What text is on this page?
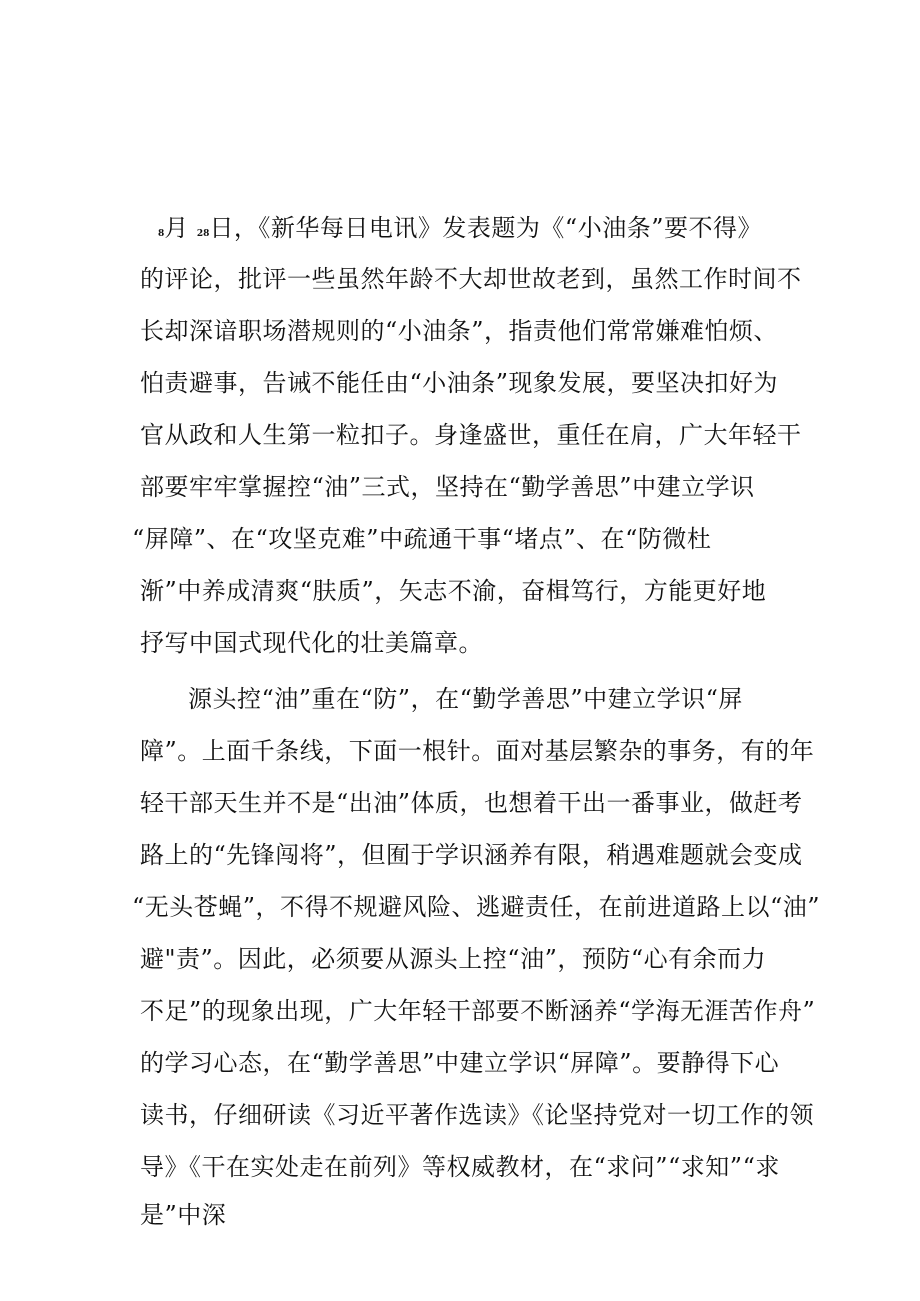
8月 28日，《新华每日电讯》发表题为《“小油条”要不得》
的评论，批评一些虽然年龄不大却世故老到，虽然工作时间不
长却深谙职场潜规则的“小油条”，指责他们常常嫌难怕烦、
怕责避事，告诫不能任由“小油条”现象发展，要坚决扣好为
官从政和人生第一粒扣子。身逢盛世，重任在肩，广大年轻干
部要牢牢掌握控“油”三式，坚持在“勤学善思”中建立学识
“屏障”、在“攻坚克难”中疏通干事“堵点”、在“防微杜
渐”中养成清爽“肤质”，矢志不渝，奋楫笃行，方能更好地
抒写中国式现代化的壮美篇章。
源头控“油”重在“防”，在“勤学善思”中建立学识“屏
障”。上面千条线，下面一根针。面对基层繁杂的事务，有的年
轻干部天生并不是“出油”体质，也想着干出一番事业，做赶考
路上的“先锋闯将”，但囿于学识涵养有限，稍遇难题就会变成
“无头苍蝇”，不得不规避风险、逃避责任，在前进道路上以“油”
避"责”。因此，必须要从源头上控“油”，预防“心有余而力
不足”的现象出现，广大年轻干部要不断涵养“学海无涯苦作舟”
的学习心态，在“勤学善思”中建立学识“屏障”。要静得下心
读书，仔细研读《习近平著作选读》《论坚持党对一切工作的领
导》《干在实处走在前列》等权威教材，在“求问”“求知”“求
是”中深
